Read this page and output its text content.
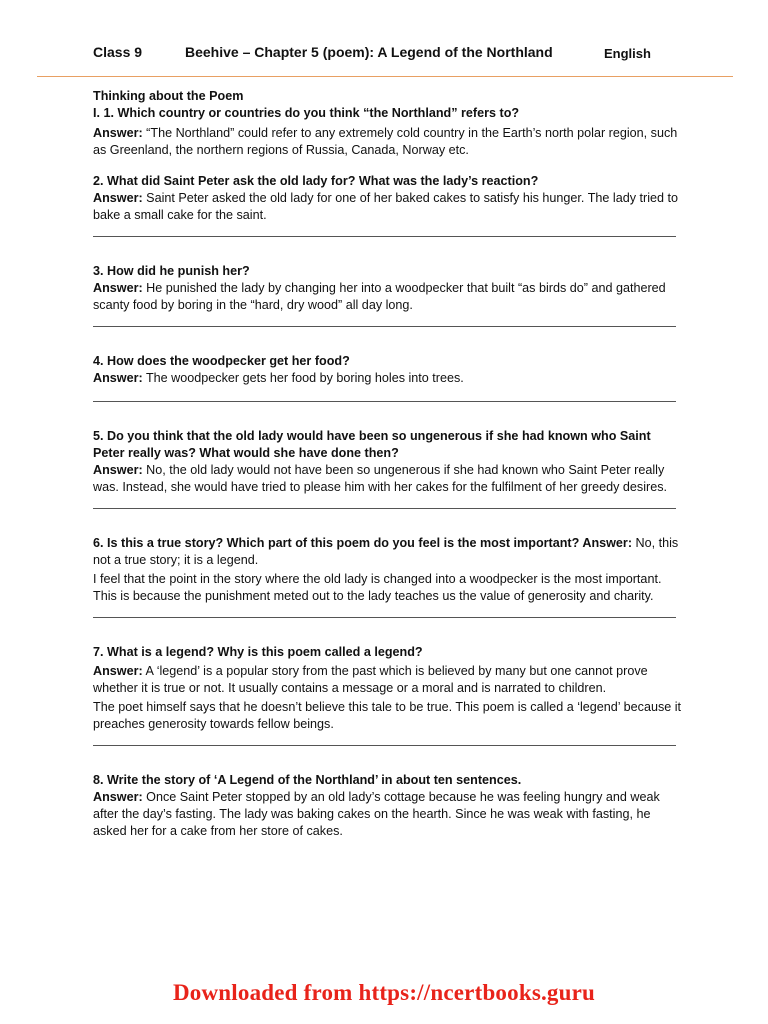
Class 9	Beehive – Chapter 5 (poem): A Legend of the Northland	English
Thinking about the Poem
I. 1. Which country or countries do you think “the Northland” refers to?
Answer: “The Northland” could refer to any extremely cold country in the Earth’s north polar region, such as Greenland, the northern regions of Russia, Canada, Norway etc.
2. What did Saint Peter ask the old lady for? What was the lady’s reaction?
Answer: Saint Peter asked the old lady for one of her baked cakes to satisfy his hunger. The lady tried to bake a small cake for the saint.
3. How did he punish her?
Answer: He punished the lady by changing her into a woodpecker that built “as birds do” and gathered scanty food by boring in the “hard, dry wood” all day long.
4. How does the woodpecker get her food?
Answer: The woodpecker gets her food by boring holes into trees.
5. Do you think that the old lady would have been so ungenerous if she had known who Saint Peter really was? What would she have done then?
Answer: No, the old lady would not have been so ungenerous if she had known who Saint Peter really was. Instead, she would have tried to please him with her cakes for the fulfilment of her greedy desires.
6. Is this a true story? Which part of this poem do you feel is the most important? Answer: No, this not a true story; it is a legend.
I feel that the point in the story where the old lady is changed into a woodpecker is the most important. This is because the punishment meted out to the lady teaches us the value of generosity and charity.
7. What is a legend? Why is this poem called a legend?
Answer: A ‘legend’ is a popular story from the past which is believed by many but one cannot prove whether it is true or not. It usually contains a message or a moral and is narrated to children.
The poet himself says that he doesn’t believe this tale to be true. This poem is called a ‘legend’ because it preaches generosity towards fellow beings.
8. Write the story of ‘A Legend of the Northland’ in about ten sentences.
Answer: Once Saint Peter stopped by an old lady’s cottage because he was feeling hungry and weak after the day’s fasting. The lady was baking cakes on the hearth. Since he was weak with fasting, he asked her for a cake from her store of cakes.
Downloaded from https://ncertbooks.guru
